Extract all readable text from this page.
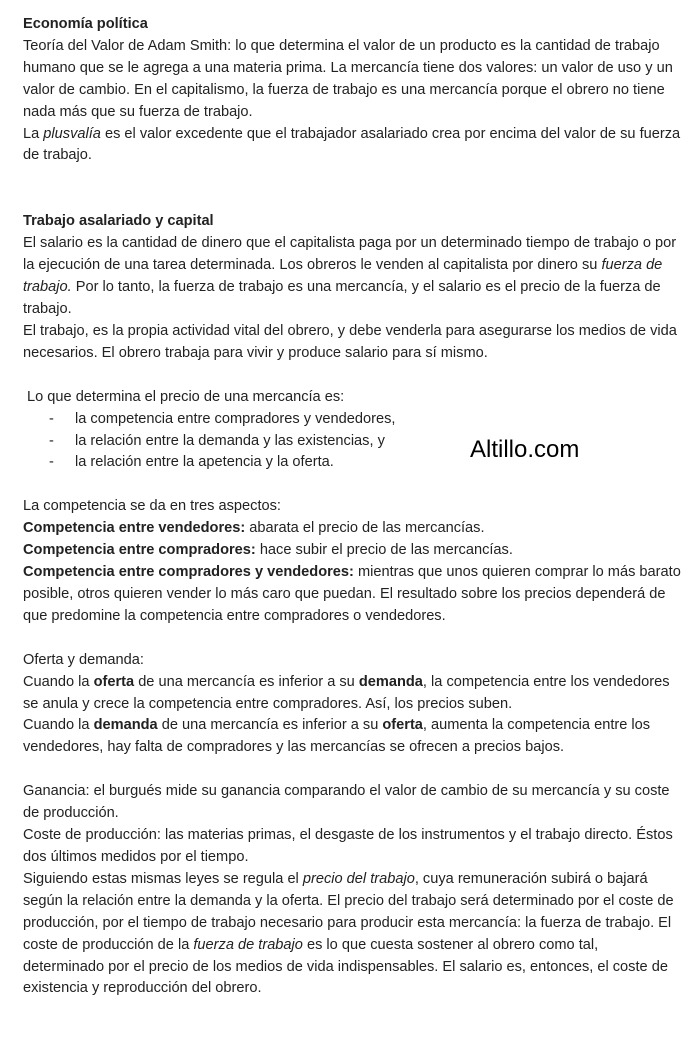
Economía política

Teoría del Valor de Adam Smith: lo que determina el valor de un producto es la cantidad de trabajo humano que se le agrega a una materia prima. La mercancía tiene dos valores: un valor de uso y un valor de cambio. En el capitalismo, la fuerza de trabajo es una mercancía porque el obrero no tiene nada más que su fuerza de trabajo.

La plusvalía es el valor excedente que el trabajador asalariado crea por encima del valor de su fuerza de trabajo.

Trabajo asalariado y capital

El salario es la cantidad de dinero que el capitalista paga por un determinado tiempo de trabajo o por la ejecución de una tarea determinada. Los obreros le venden al capitalista por dinero su fuerza de trabajo. Por lo tanto, la fuerza de trabajo es una mercancía, y el salario es el precio de la fuerza de trabajo.

El trabajo, es la propia actividad vital del obrero, y debe venderla para asegurarse los medios de vida necesarios. El obrero trabaja para vivir y produce salario para sí mismo.

Lo que determina el precio de una mercancía es:

- la competencia entre compradores y vendedores,
- la relación entre la demanda y las existencias, y
- la relación entre la apetencia y la oferta.

La competencia se da en tres aspectos:

Competencia entre vendedores: abarata el precio de las mercancías.

Competencia entre compradores: hace subir el precio de las mercancías.

Competencia entre compradores y vendedores: mientras que unos quieren comprar lo más barato posible, otros quieren vender lo más caro que puedan. El resultado sobre los precios dependerá de que predomine la competencia entre compradores o vendedores.

Oferta y demanda:

Cuando la oferta de una mercancía es inferior a su demanda, la competencia entre los vendedores se anula y crece la competencia entre compradores. Así, los precios suben.

Cuando la demanda de una mercancía es inferior a su oferta, aumenta la competencia entre los vendedores, hay falta de compradores y las mercancías se ofrecen a precios bajos.

Ganancia: el burgués mide su ganancia comparando el valor de cambio de su mercancía y su coste de producción.

Coste de producción: las materias primas, el desgaste de los instrumentos y el trabajo directo. Éstos dos últimos medidos por el tiempo.

Siguiendo estas mismas leyes se regula el precio del trabajo, cuya remuneración subirá o bajará según la relación entre la demanda y la oferta. El precio del trabajo será determinado por el coste de producción, por el tiempo de trabajo necesario para producir esta mercancía: la fuerza de trabajo. El coste de producción de la fuerza de trabajo es lo que cuesta sostener al obrero como tal, determinado por el precio de los medios de vida indispensables. El salario es, entonces, el coste de existencia y reproducción del obrero.

Altillo.com
